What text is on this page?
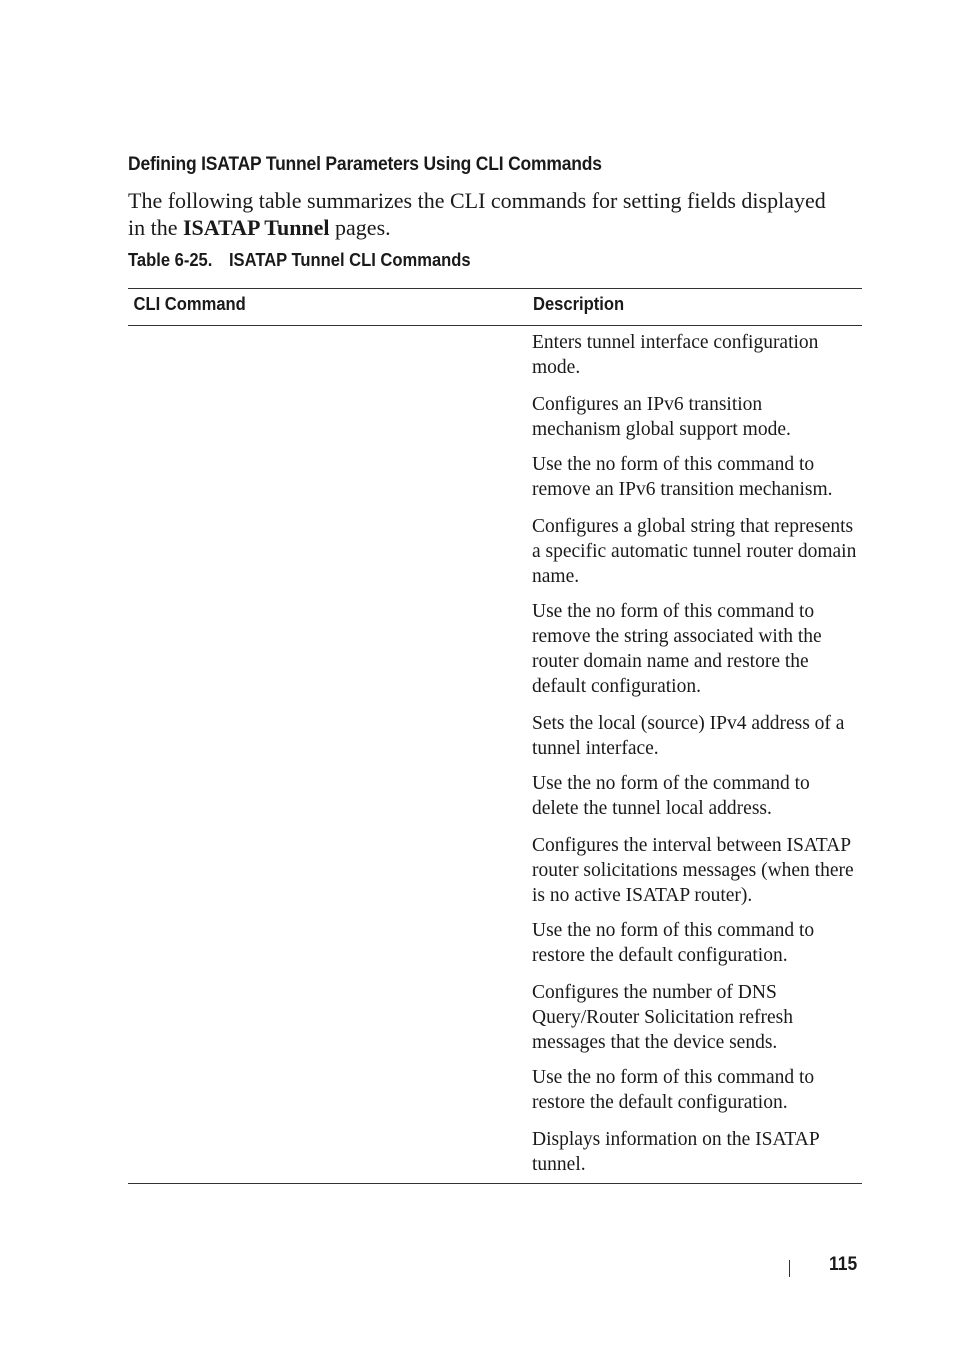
Defining ISATAP Tunnel Parameters Using CLI Commands

The following table summarizes the CLI commands for setting fields displayed in the ISATAP Tunnel pages.

Table 6-25. ISATAP Tunnel CLI Commands

CLI Command	Description

Enters tunnel interface configuration mode.

Configures an IPv6 transition mechanism global support mode.

Use the no form of this command to remove an IPv6 transition mechanism.

Configures a global string that represents a specific automatic tunnel router domain name.

Use the no form of this command to remove the string associated with the router domain name and restore the default configuration.

Sets the local (source) IPv4 address of a tunnel interface.

Use the no form of the command to delete the tunnel local address.

Configures the interval between ISATAP router solicitations messages (when there is no active ISATAP router).

Use the no form of this command to restore the default configuration.

Configures the number of DNS Query/Router Solicitation refresh messages that the device sends.

Use the no form of this command to restore the default configuration.

Displays information on the ISATAP tunnel.

115
